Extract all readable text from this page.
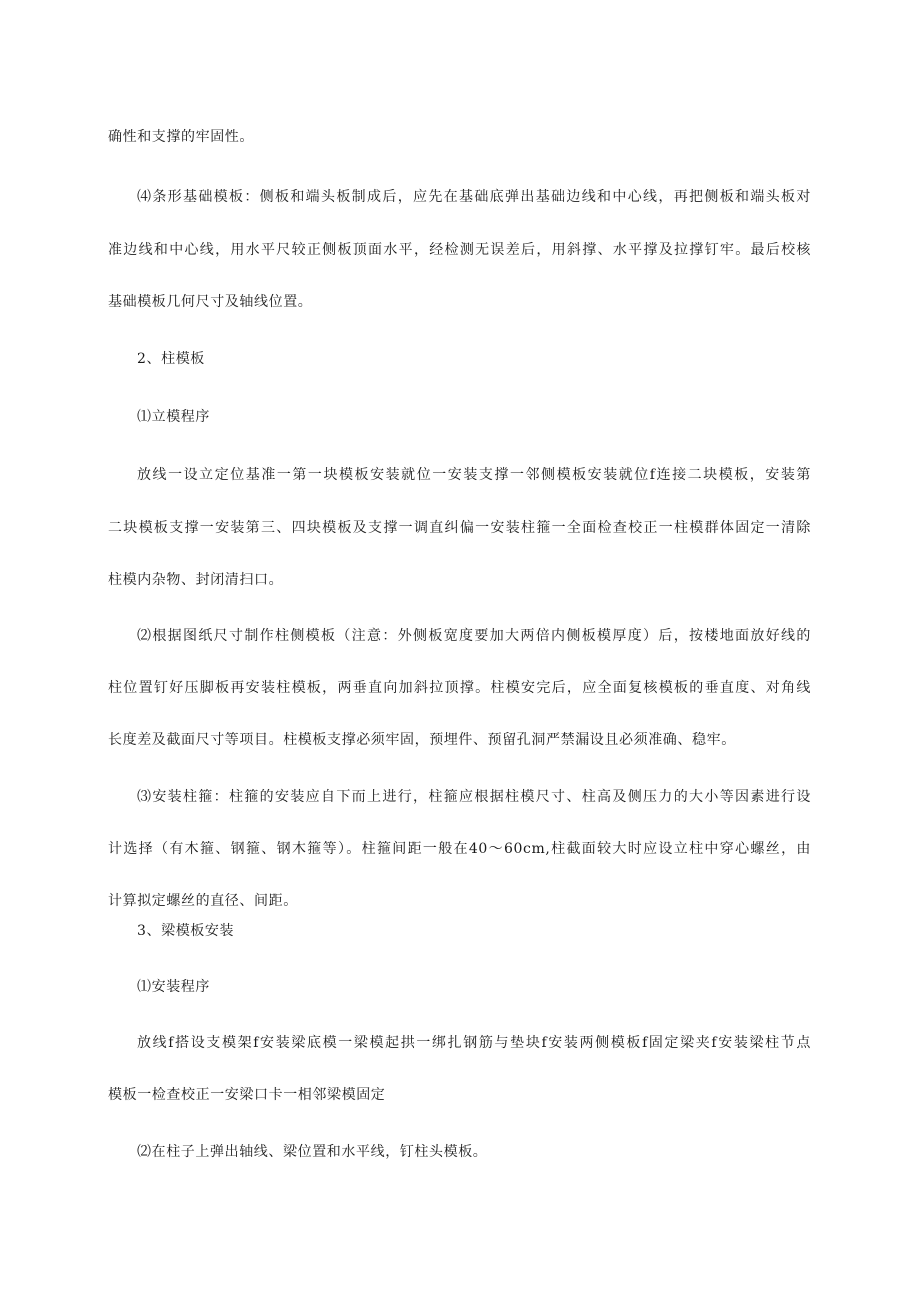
确性和支撑的牢固性。
⑷条形基础模板：侧板和端头板制成后，应先在基础底弹出基础边线和中心线，再把侧板和端头板对
准边线和中心线，用水平尺较正侧板顶面水平，经检测无误差后，用斜撑、水平撑及拉撑钉牢。最后校核
基础模板几何尺寸及轴线位置。
2、柱模板
⑴立模程序
放线一设立定位基准一第一块模板安装就位一安装支撑一邻侧模板安装就位f连接二块模板，安装第
二块模板支撑一安装第三、四块模板及支撑一调直纠偏一安装柱箍一全面检查校正一柱模群体固定一清除
柱模内杂物、封闭清扫口。
⑵根据图纸尺寸制作柱侧模板（注意：外侧板宽度要加大两倍内侧板模厚度）后，按楼地面放好线的
柱位置钉好压脚板再安装柱模板，两垂直向加斜拉顶撑。柱模安完后，应全面复核模板的垂直度、对角线
长度差及截面尺寸等项目。柱模板支撑必须牢固，预埋件、预留孔洞严禁漏设且必须准确、稳牢。
⑶安装柱箍：柱箍的安装应自下而上进行，柱箍应根据柱模尺寸、柱高及侧压力的大小等因素进行设
计选择（有木箍、钢箍、钢木箍等）。柱箍间距一般在40〜60cm,柱截面较大时应设立柱中穿心螺丝，由
计算拟定螺丝的直径、间距。
3、梁模板安装
⑴安装程序
放线f搭设支模架f安装梁底模一梁模起拱一绑扎钢筋与垫块f安装两侧模板f固定梁夹f安装梁柱节点
模板一检查校正一安梁口卡一相邻梁模固定
⑵在柱子上弹出轴线、梁位置和水平线，钉柱头模板。
